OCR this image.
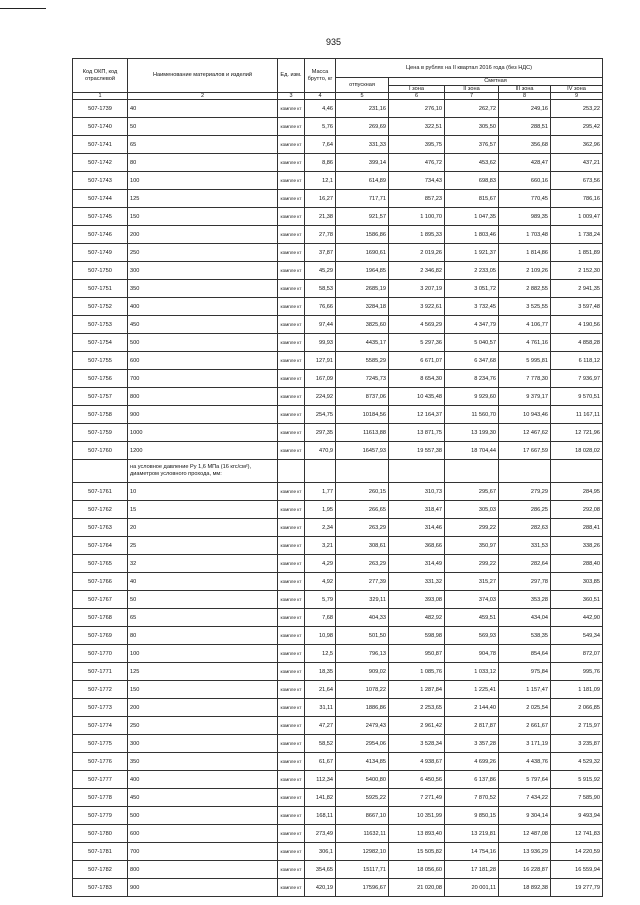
935
Код ОКП, код отраслевой	Наименование материалов и изделий	Ед. изм.	Масса брутто, кг	Цена в рублях на II квартал 2016 года (без НДС)				
				отпускная	Сметная			
					I зона	II зона	III зона	IV зона
1	2	3	4	5	6	7	8	9
507-1739	40	компле кт	4,46	231,16	276,10	262,72	249,16	253,22
507-1740	50	компле кт	5,76	269,69	322,51	305,50	288,51	295,42
507-1741	65	компле кт	7,64	331,33	395,75	376,57	356,68	362,96
507-1742	80	компле кт	8,86	399,14	476,72	453,62	428,47	437,21
507-1743	100	компле кт	12,1	614,89	734,43	698,83	660,16	673,56
507-1744	125	компле кт	16,27	717,71	857,23	815,67	770,45	786,16
507-1745	150	компле кт	21,38	921,57	1 100,70	1 047,35	989,35	1 009,47
507-1746	200	компле кт	27,78	1586,86	1 895,33	1 803,46	1 703,48	1 738,24
507-1749	250	компле кт	37,87	1690,61	2 019,26	1 921,37	1 814,86	1 851,89
507-1750	300	компле кт	45,29	1964,85	2 346,82	2 233,05	2 109,26	2 152,30
507-1751	350	компле кт	58,53	2685,19	3 207,19	3 051,72	2 882,55	2 941,35
507-1752	400	компле кт	76,66	3284,18	3 922,61	3 732,45	3 525,55	3 597,48
507-1753	450	компле кт	97,44	3825,60	4 569,29	4 347,79	4 106,77	4 190,56
507-1754	500	компле кт	99,93	4435,17	5 297,36	5 040,57	4 761,16	4 858,28
507-1755	600	компле кт	127,91	5585,29	6 671,07	6 347,68	5 995,81	6 118,12
507-1756	700	компле кт	167,09	7245,73	8 654,30	8 234,76	7 778,30	7 936,97
507-1757	800	компле кт	224,92	8737,06	10 435,48	9 929,60	9 379,17	9 570,51
507-1758	900	компле кт	254,75	10184,56	12 164,37	11 560,70	10 943,46	11 167,11
507-1759	1000	компле кт	297,35	11613,88	13 871,75	13 199,30	12 467,62	12 721,96
507-1760	1200	компле кт	470,9	16457,93	19 557,38	18 704,44	17 667,59	18 028,02
	на условное давление Ру 1,6 МПа (16 кгс/см²), диаметром условного прохода, мм:							
507-1761	10	компле кт	1,77	260,15	310,73	295,67	279,29	284,95
507-1762	15	компле кт	1,95	266,65	318,47	305,03	286,25	292,08
507-1763	20	компле кт	2,34	263,29	314,46	299,22	282,63	288,41
507-1764	25	компле кт	3,21	308,61	368,66	350,97	331,53	338,26
507-1765	32	компле кт	4,29	263,29	314,49	299,22	282,64	288,40
507-1766	40	компле кт	4,92	277,39	331,32	315,27	297,78	303,85
507-1767	50	компле кт	5,79	329,11	393,08	374,03	353,28	360,51
507-1768	65	компле кт	7,68	404,33	482,92	459,51	434,04	442,90
507-1769	80	компле кт	10,98	501,50	598,98	569,93	538,35	549,34
507-1770	100	компле кт	12,5	796,13	950,87	904,78	854,64	872,07
507-1771	125	компле кт	18,35	909,02	1 085,76	1 033,12	975,84	995,76
507-1772	150	компле кт	21,64	1078,22	1 287,84	1 225,41	1 157,47	1 181,09
507-1773	200	компле кт	31,11	1886,86	2 253,65	2 144,40	2 025,54	2 066,85
507-1774	250	компле кт	47,27	2479,43	2 961,42	2 817,87	2 661,67	2 715,97
507-1775	300	компле кт	58,52	2954,06	3 528,34	3 357,28	3 171,19	3 235,87
507-1776	350	компле кт	61,67	4134,85	4 938,67	4 699,26	4 438,76	4 529,32
507-1777	400	компле кт	112,34	5400,80	6 450,56	6 137,86	5 797,64	5 915,92
507-1778	450	компле кт	141,82	5925,22	7 271,49	7 870,52	7 434,22	7 585,90
507-1779	500	компле кт	168,11	8667,10	10 351,99	9 850,15	9 304,14	9 493,94
507-1780	600	компле кт	273,49	11632,11	13 893,40	13 219,81	12 487,08	12 741,83
507-1781	700	компле кт	306,1	12982,10	15 505,82	14 754,16	13 936,29	14 220,59
507-1782	800	компле кт	354,65	15117,71	18 056,60	17 181,28	16 228,87	16 559,94
507-1783	900	компле кт	420,19	17596,67	21 020,08	20 001,11	18 892,38	19 277,79
